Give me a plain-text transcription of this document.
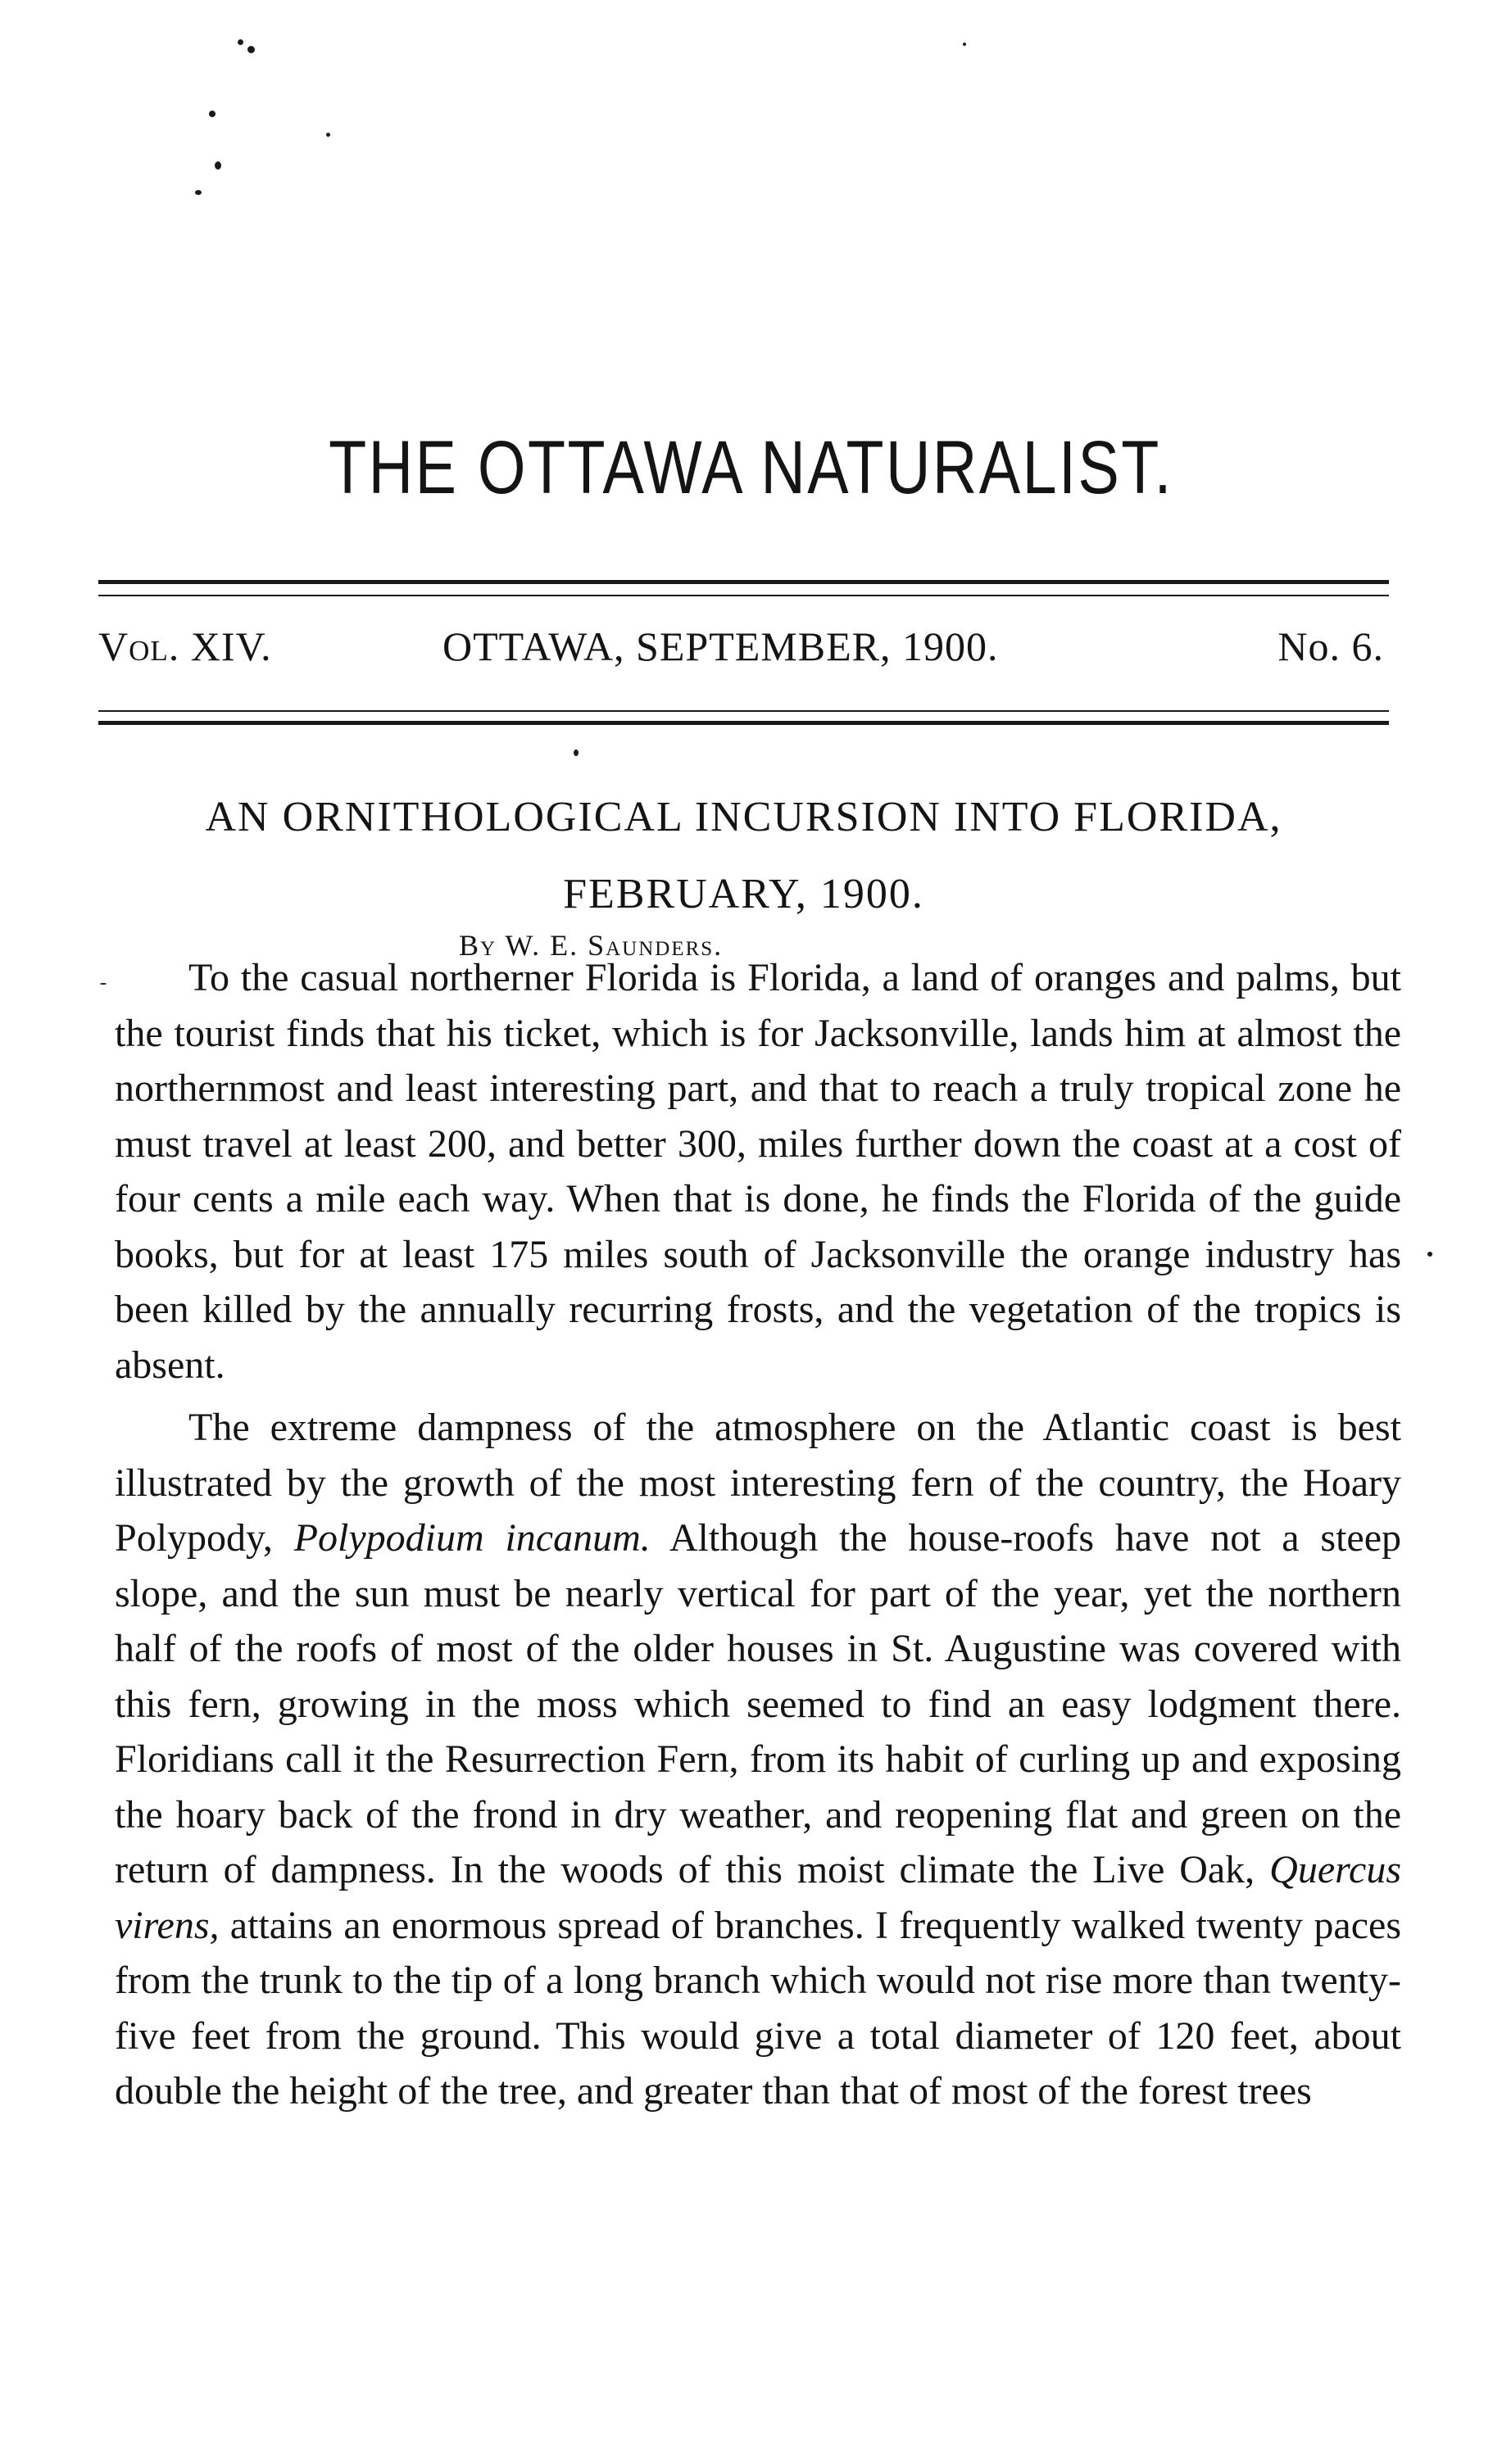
THE OTTAWA NATURALIST.
Vol. XIV.	OTTAWA, SEPTEMBER, 1900.	No. 6.
AN ORNITHOLOGICAL INCURSION INTO FLORIDA,
FEBRUARY, 1900.
By W. E. Saunders.

To the casual northerner Florida is Florida, a land of oranges and palms, but the tourist finds that his ticket, which is for Jacksonville, lands him at almost the northernmost and least interesting part, and that to reach a truly tropical zone he must travel at least 200, and better 300, miles further down the coast at a cost of four cents a mile each way. When that is done, he finds the Florida of the guide books, but for at least 175 miles south of Jacksonville the orange industry has been killed by the annually recurring frosts, and the vegetation of the tropics is absent.

The extreme dampness of the atmosphere on the Atlantic coast is best illustrated by the growth of the most interesting fern of the country, the Hoary Polypody, Polypodium incanum. Although the house-roofs have not a steep slope, and the sun must be nearly vertical for part of the year, yet the northern half of the roofs of most of the older houses in St. Augustine was covered with this fern, growing in the moss which seemed to find an easy lodgment there. Floridians call it the Resurrection Fern, from its habit of curling up and exposing the hoary back of the frond in dry weather, and reopening flat and green on the return of dampness. In the woods of this moist climate the Live Oak, Quercus virens, attains an enormous spread of branches. I frequently walked twenty paces from the trunk to the tip of a long branch which would not rise more than twenty-five feet from the ground. This would give a total diameter of 120 feet, about double the height of the tree, and greater than that of most of the forest trees
